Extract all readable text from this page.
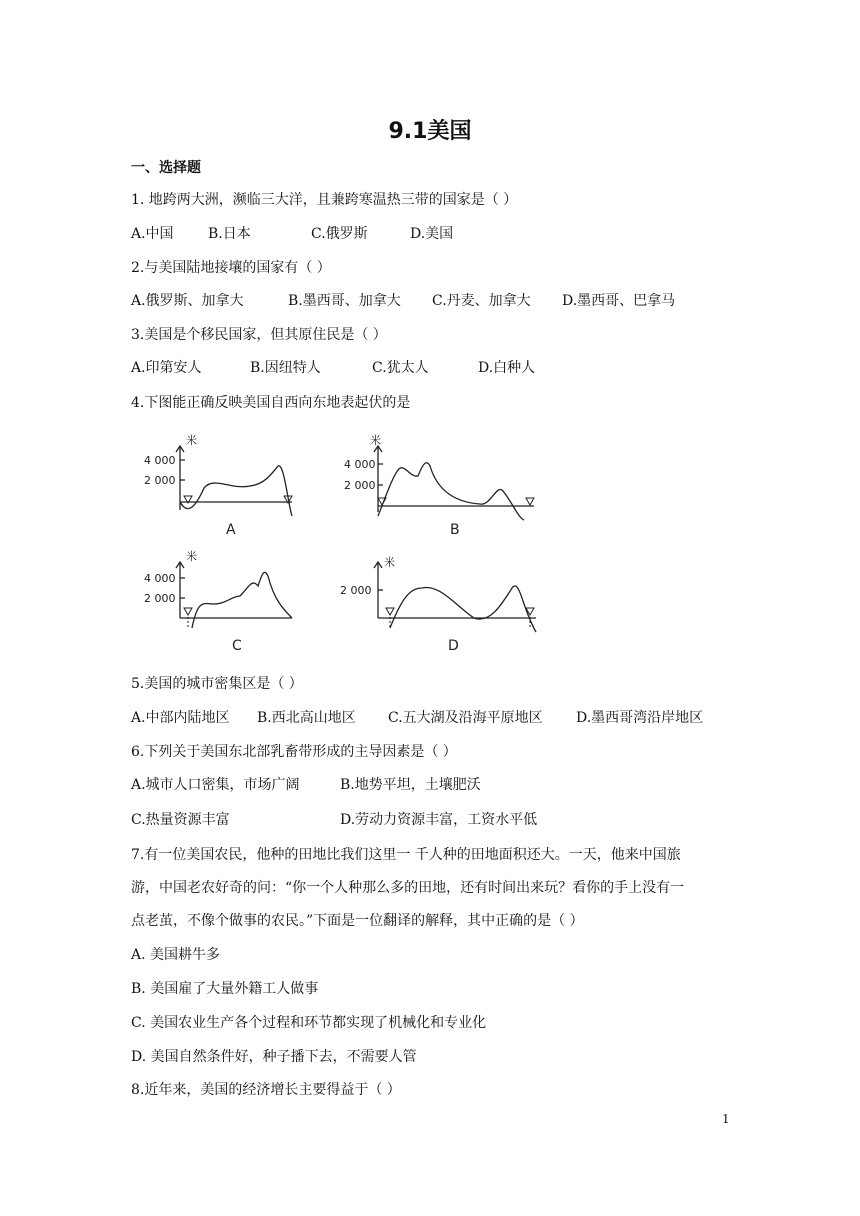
9.1美国
一、选择题
1. 地跨两大洲，濒临三大洋，且兼跨寒温热三带的国家是（ ）
A.中国 B.日本	C.俄罗斯	D.美国
2.与美国陆地接壤的国家有（ ）
A.俄罗斯、加拿大	B.墨西哥、加拿大 C.丹麦、加拿大 D.墨西哥、巴拿马
3.美国是个移民国家，但其原住民是（ ）
A.印第安人	B.因纽特人	C.犹太人	D.白种人
4.下图能正确反映美国自西向东地表起伏的是
米
4 000
2 000
A
米
4 000
2 000
B
米
4 000
2 000
C
米
2 000
D
5.美国的城市密集区是（ ）
A.中部内陆地区 B.西北高山地区 C.五大湖及沿海平原地区 D.墨西哥湾沿岸地区
6.下列关于美国东北部乳畜带形成的主导因素是（ ）
A.城市人口密集，市场广阔	B.地势平坦，土壤肥沃
C.热量资源丰富	D.劳动力资源丰富，工资水平低
7.有一位美国农民，他种的田地比我们这里一 千人种的田地面积还大。一天，他来中国旅
游，中国老农好奇的问：“你一个人种那么多的田地，还有时间出来玩？看你的手上没有一
点老茧，不像个做事的农民。”下面是一位翻译的解释，其中正确的是（ ）
A. 美国耕牛多
B. 美国雇了大量外籍工人做事
C. 美国农业生产各个过程和环节都实现了机械化和专业化
D. 美国自然条件好，种子播下去，不需要人管
8.近年来，美国的经济增长主要得益于（ ）
1
